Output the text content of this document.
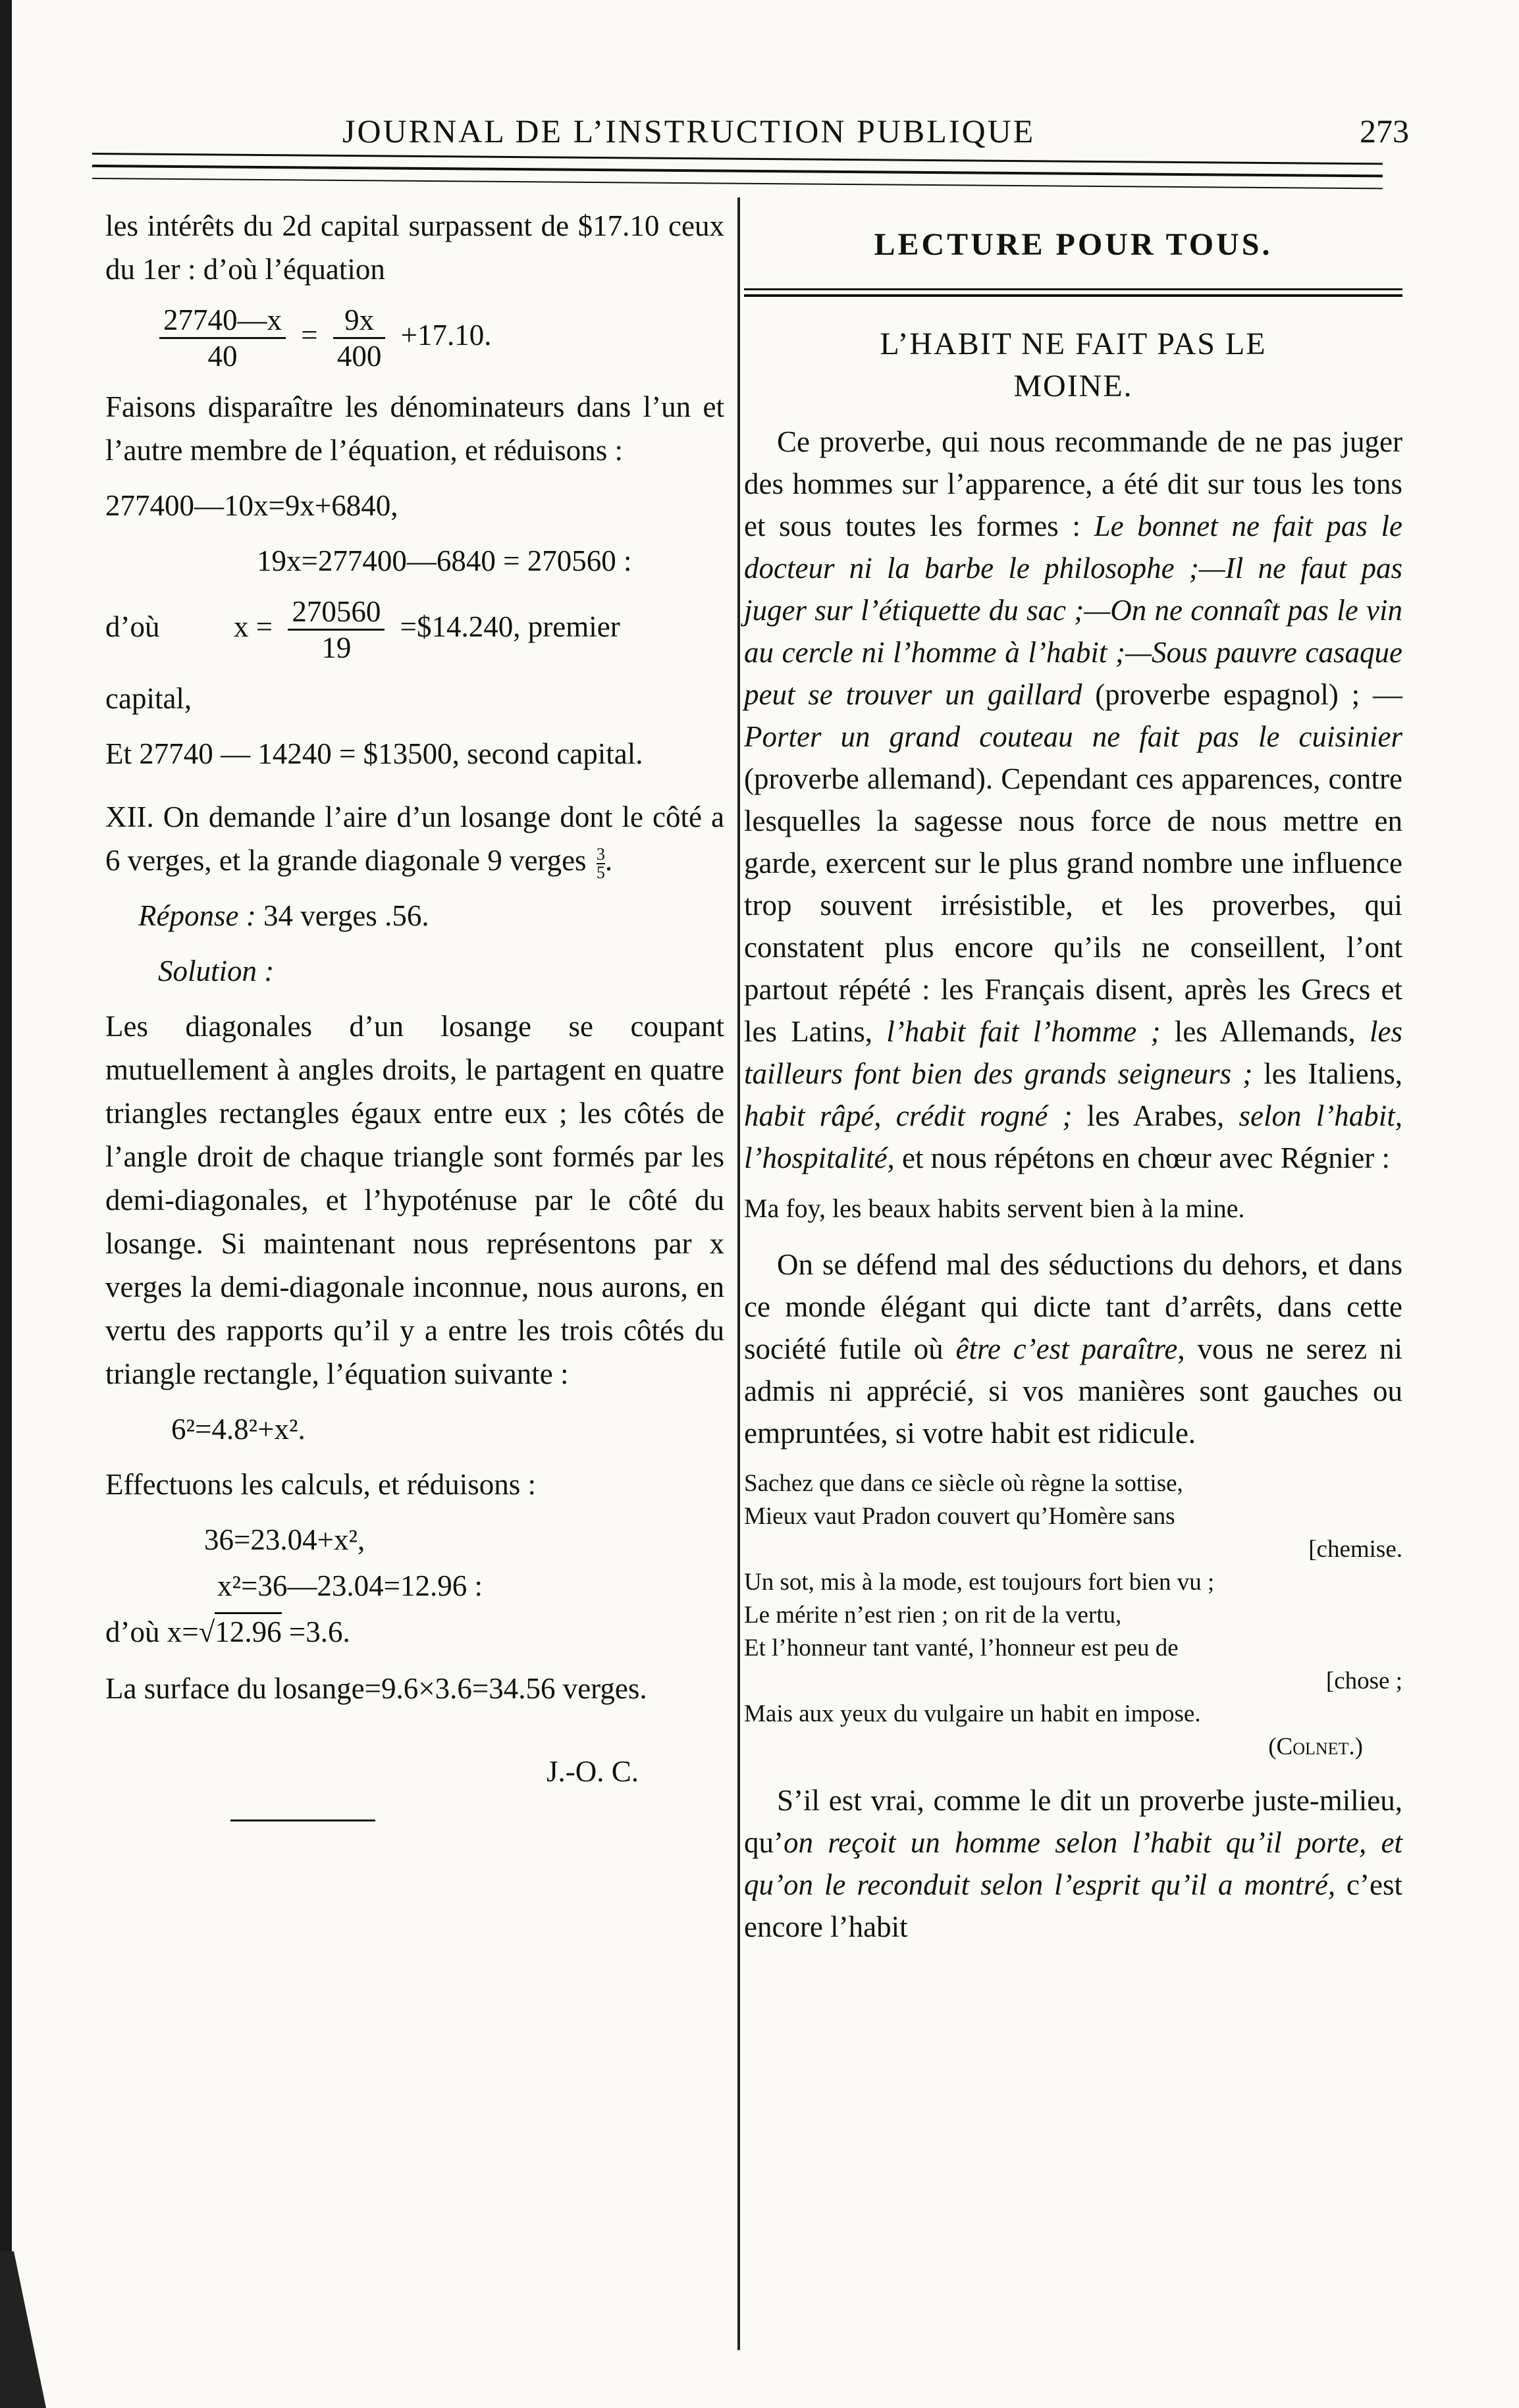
JOURNAL DE L’INSTRUCTION PUBLIQUE	273

les intérêts du 2d capital surpassent de $17.10 ceux du 1er : d’où l’équation

$\frac{27740—x}{40} = \frac{9x}{400} +17.10$.

Faisons disparaître les dénominateurs dans l’un et l’autre membre de l’équation, et réduisons :

277400—10x=9x+6840,

19x=277400—6840 = 270560 :

d’où	$x = \frac{270560}{19}$ =$14.240, premier

capital,

Et 27740 — 14240 = $13500, second capital.

XII. On demande l’aire d’un losange dont le côté a 6 verges, et la grande diagonale 9 verges $\frac{3}{5}$.

Réponse : 34 verges .56.

Solution :

Les diagonales d’un losange se coupant mutuellement à angles droits, le partagent en quatre triangles rectangles égaux entre eux ; les côtés de l’angle droit de chaque triangle sont formés par les demi-diagonales, et l’hypoténuse par le côté du losange. Si maintenant nous représentons par x verges la demi-diagonale inconnue, nous aurons, en vertu des rapports qu’il y a entre les trois côtés du triangle rectangle, l’équation suivante :

6²=4.8²+x².

Effectuons les calculs, et réduisons :

36=23.04+x²,

x²=36—23.04=12.96 :

d’où x=√12.96 =3.6.

La surface du losange=9.6×3.6=34.56 verges.

J.-O. C.
LECTURE POUR TOUS.
L’HABIT NE FAIT PAS LE
MOINE.

Ce proverbe, qui nous recommande de ne pas juger des hommes sur l’apparence, a été dit sur tous les tons et sous toutes les formes : Le bonnet ne fait pas le docteur ni la barbe le philosophe ;—Il ne faut pas juger sur l’étiquette du sac ;—On ne connaît pas le vin au cercle ni l’homme à l’habit ;—Sous pauvre casaque peut se trouver un gaillard (proverbe espagnol) ; — Porter un grand couteau ne fait pas le cuisinier (proverbe allemand). Cependant ces apparences, contre lesquelles la sagesse nous force de nous mettre en garde, exercent sur le plus grand nombre une influence trop souvent irrésistible, et les proverbes, qui constatent plus encore qu’ils ne conseillent, l’ont partout répété : les Français disent, après les Grecs et les Latins, l’habit fait l’homme ; les Allemands, les tailleurs font bien des grands seigneurs ; les Italiens, habit râpé, crédit rogné ; les Arabes, selon l’habit, l’hospitalité, et nous répétons en chœur avec Régnier :

Ma foy, les beaux habits servent bien à la mine.

On se défend mal des séductions du dehors, et dans ce monde élégant qui dicte tant d’arrêts, dans cette société futile où être c’est paraître, vous ne serez ni admis ni apprécié, si vos manières sont gauches ou empruntées, si votre habit est ridicule.

Sachez que dans ce siècle où règne la sottise,

Mieux vaut Pradon couvert qu’Homère sans

[chemise.

Un sot, mis à la mode, est toujours fort bien vu ;

Le mérite n’est rien ; on rit de la vertu,

Et l’honneur tant vanté, l’honneur est peu de

[chose ;

Mais aux yeux du vulgaire un habit en impose.

(Colnet.)

S’il est vrai, comme le dit un proverbe juste-milieu, qu’on reçoit un homme selon l’habit qu’il porte, et qu’on le reconduit selon l’esprit qu’il a montré, c’est encore l’habit
